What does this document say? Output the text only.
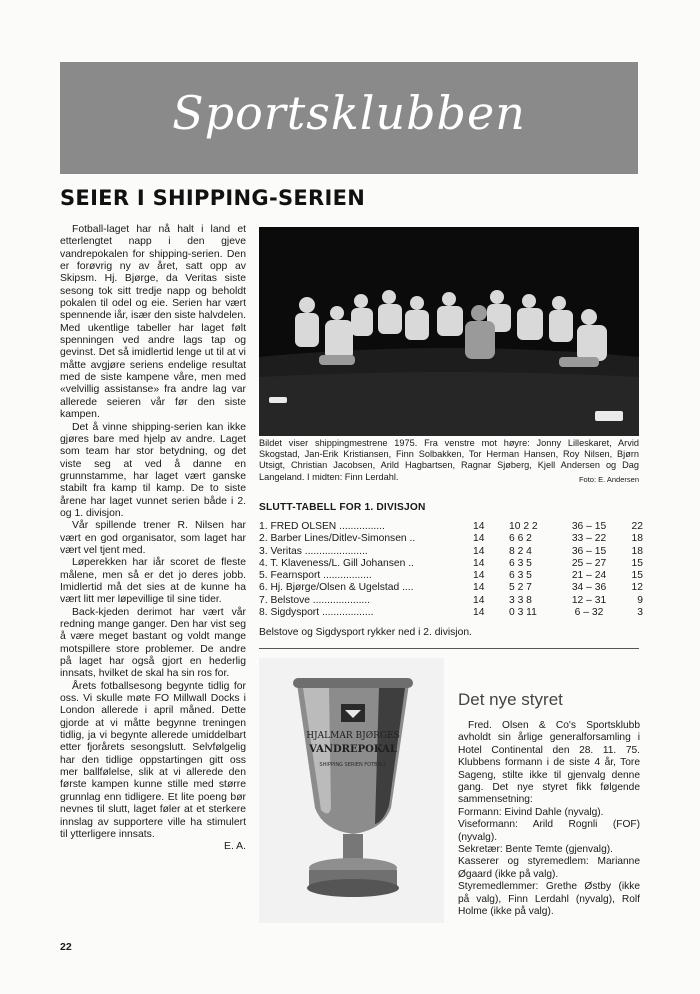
Sportsklubben
SEIER I SHIPPING-SERIEN

Fotball-laget har nå halt i land et etterlengtet napp i den gjeve vandrepokalen for shipping-serien. Den er forøvrig ny av året, satt opp av Skipsm. Hj. Bjørge, da Veritas siste sesong tok sitt tredje napp og beholdt pokalen til odel og eie. Serien har vært spennende iår, især den siste halvdelen. Med ukentlige tabeller har laget følt spenningen ved andre lags tap og gevinst. Det så imidlertid lenge ut til at vi måtte avgjøre seriens endelige resultat med de siste kampene våre, men med «velvillig assistanse» fra andre lag var allerede seieren vår før den siste kampen.

Det å vinne shipping-serien kan ikke gjøres bare med hjelp av andre. Laget som team har stor betydning, og det viste seg at ved å danne en grunnstamme, har laget vært ganske stabilt fra kamp til kamp. De to siste årene har laget vunnet serien både i 2. og 1. divisjon.

Vår spillende trener R. Nilsen har vært en god organisator, som laget har vært vel tjent med.

Løperekken har iår scoret de fleste målene, men så er det jo deres jobb. Imidlertid må det sies at de kunne ha vært litt mer løpevillige til sine tider.

Back-kjeden derimot har vært vår redning mange ganger. Den har vist seg å være meget bastant og voldt mange motspillere store problemer. De andre på laget har også gjort en hederlig innsats, hvilket de skal ha sin ros for.

Årets fotballsesong begynte tidlig for oss. Vi skulle møte FO Millwall Docks i London allerede i april måned. Dette gjorde at vi måtte begynne treningen tidlig, ja vi begynte allerede umiddelbart etter fjorårets sesongslutt. Selvfølgelig har den tidlige oppstartingen gitt oss mer ballfølelse, slik at vi allerede den første kampen kunne stille med større grunnlag enn tidligere. Et lite poeng bør nevnes til slutt, laget føler at et sterkere innslag av supportere ville ha stimulert til ytterligere innsats.

E. A.

Bildet viser shippingmestrene 1975. Fra venstre mot høyre: Jonny Lilleskaret, Arvid Skogstad, Jan-Erik Kristiansen, Finn Solbakken, Tor Herman Hansen, Roy Nilsen, Bjørn Utsigt, Christian Jacobsen, Arild Hagbartsen, Ragnar Sjøberg, Kjell Andersen og Dag Langeland. I midten: Finn Lerdahl.	Foto: E. Andersen
SLUTT-TABELL FOR 1. DIVISJON
1. FRED OLSEN ................	14	10 2 2	36 – 15	22
2. Barber Lines/Ditlev-Simonsen ..	14	6 6 2	33 – 22	18
3. Veritas ......................	14	8 2 4	36 – 15	18
4. T. Klaveness/L. Gill Johansen ..	14	6 3 5	25 – 27	15
5. Fearnsport .................	14	6 3 5	21 – 24	15
6. Hj. Bjørge/Olsen & Ugelstad ....	14	5 2 7	34 – 36	12
7. Belstove ....................	14	3 3 8	12 – 31	9
8. Sigdysport ..................	14	0 3 11	6 – 32	3
Belstove og Sigdysport rykker ned i 2. divisjon.
HJALMAR BJØRGES
VANDREPOKAL
SHIPPING SERIEN FOTBALL
Det nye styret

Fred. Olsen & Co's Sportsklubb avholdt sin årlige generalforsamling i Hotel Continental den 28. 11. 75. Klubbens formann i de siste 4 år, Tore Sageng, stilte ikke til gjenvalg denne gang. Det nye styret fikk følgende sammensetning:

Formann: Eivind Dahle (nyvalg).

Viseformann: Arild Rognli (FOF) (nyvalg).

Sekretær: Bente Temte (gjenvalg).

Kasserer og styremedlem: Marianne Øgaard (ikke på valg).

Styremedlemmer: Grethe Østby (ikke på valg), Finn Lerdahl (nyvalg), Rolf Holme (ikke på valg).

22
